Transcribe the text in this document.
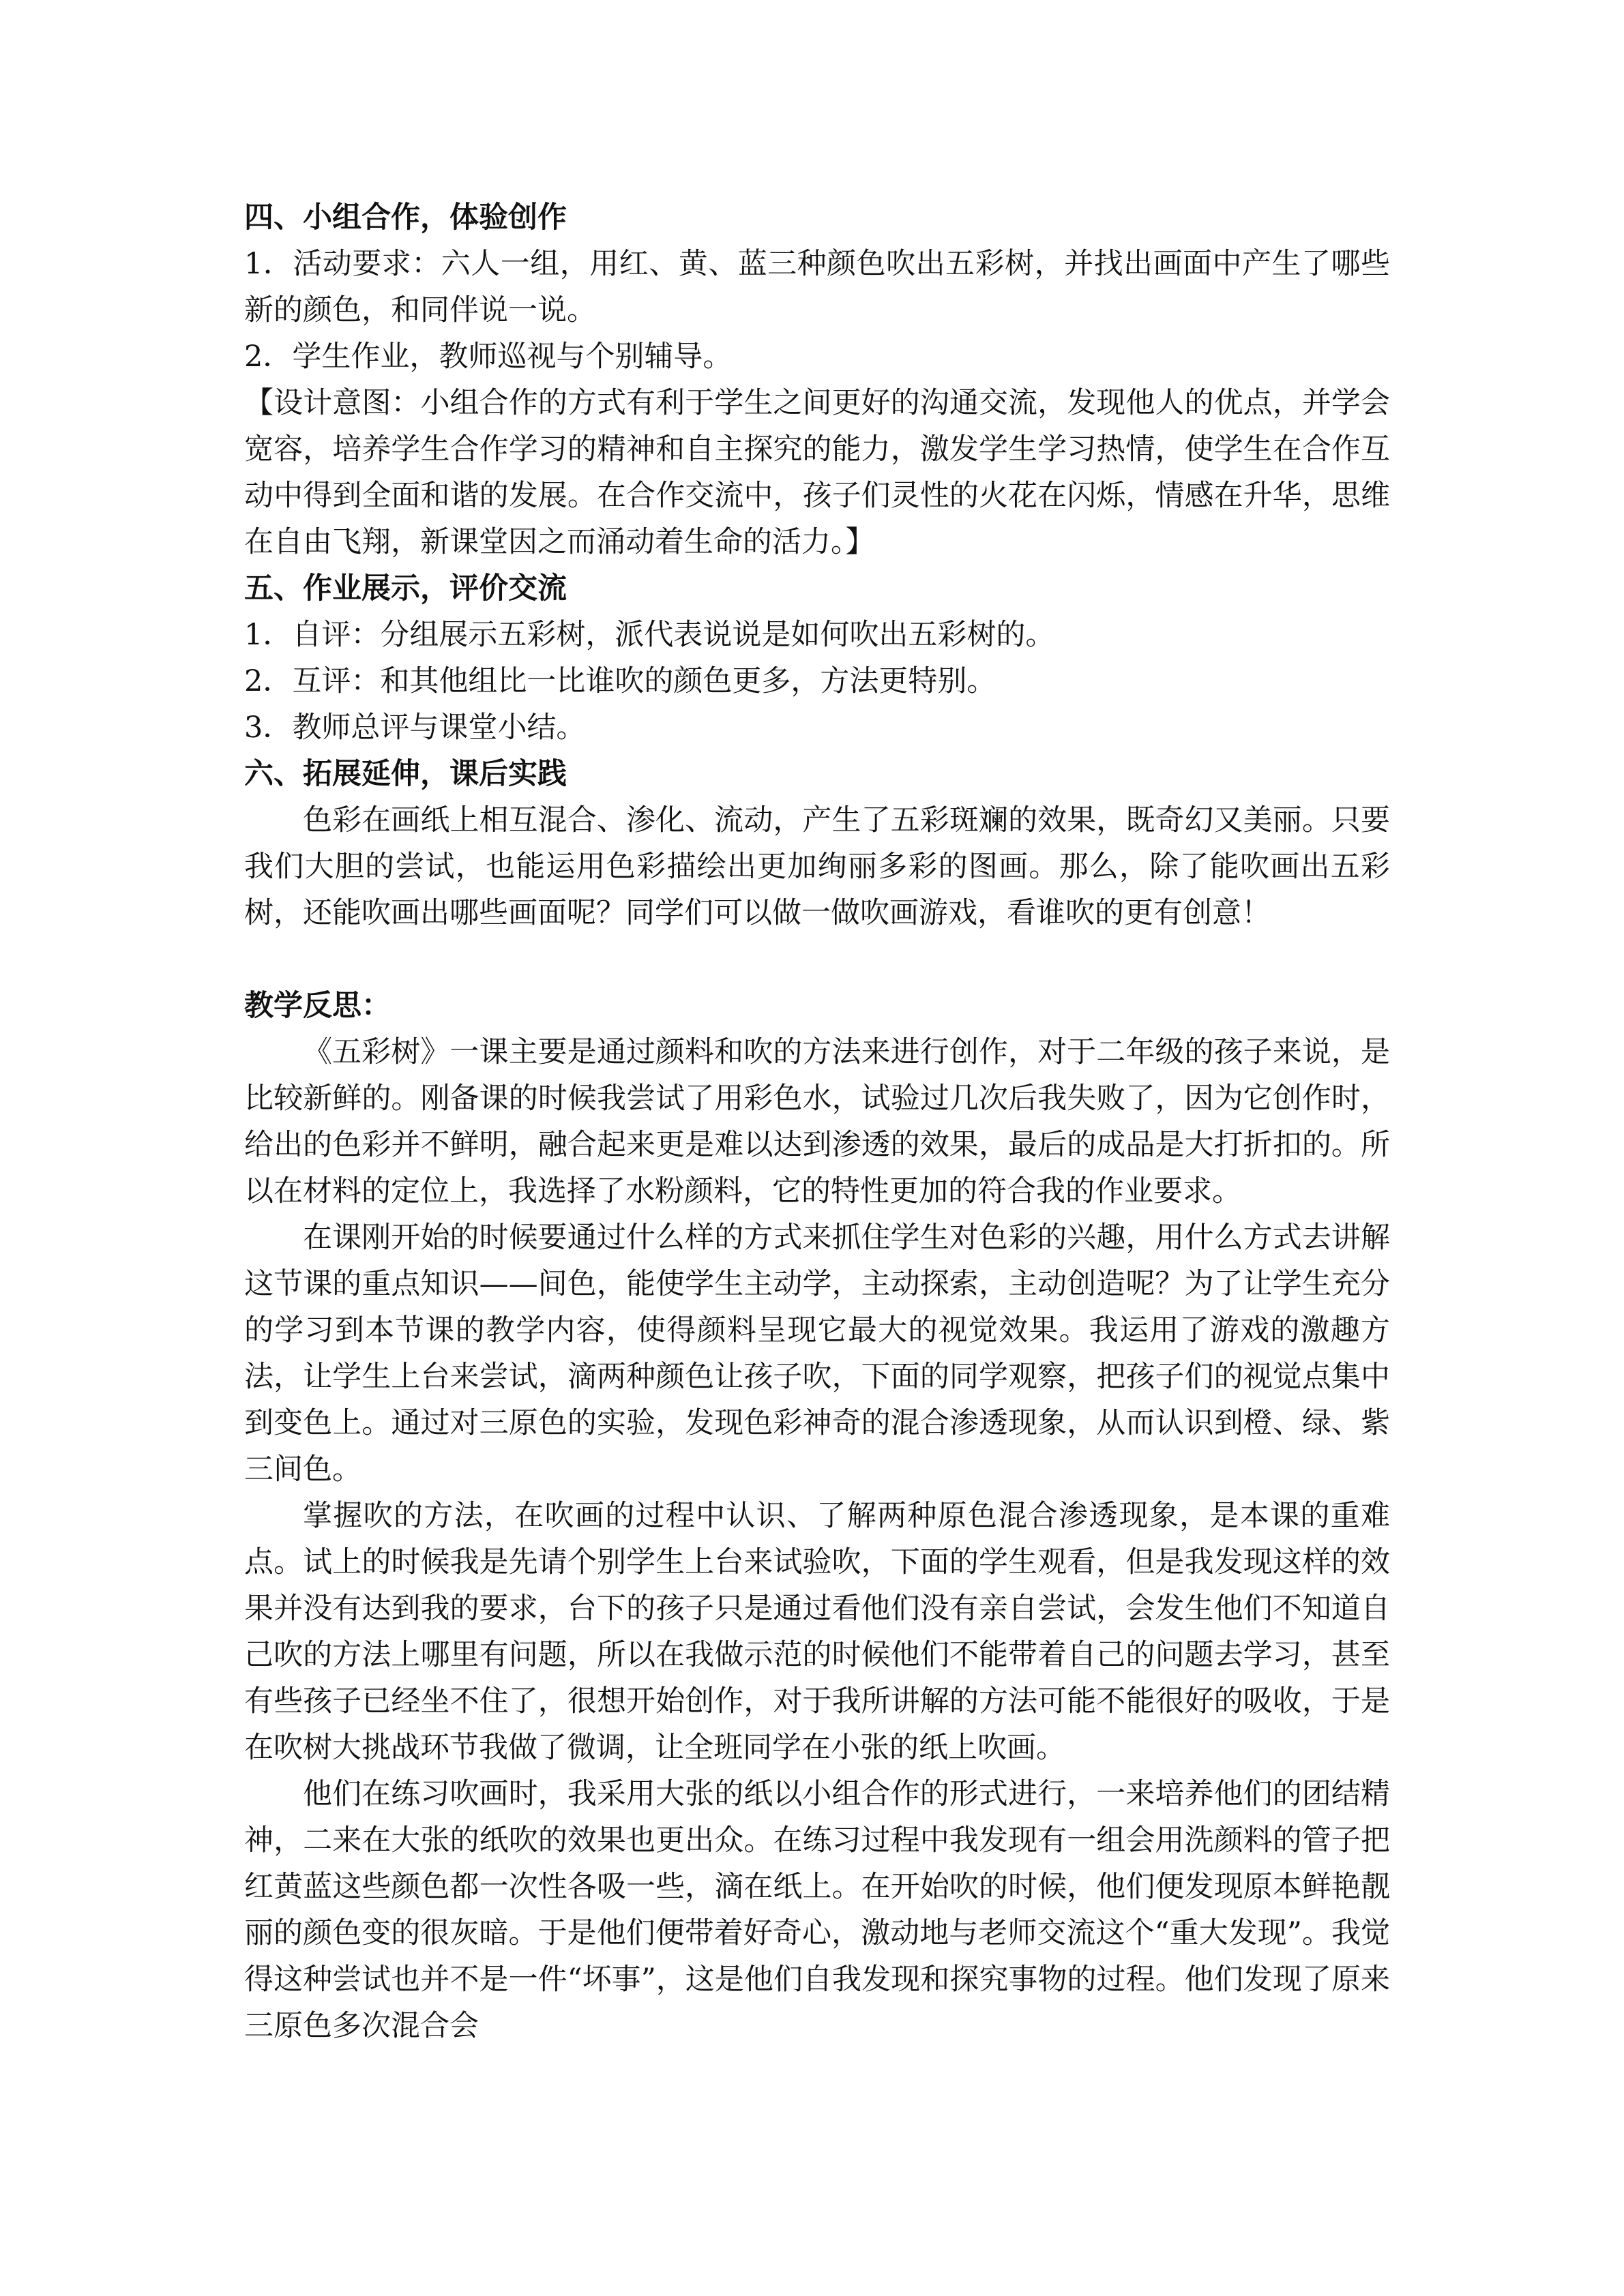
四、小组合作，体验创作

1．活动要求：六人一组，用红、黄、蓝三种颜色吹出五彩树，并找出画面中产生了哪些新的颜色，和同伴说一说。

2．学生作业，教师巡视与个别辅导。

【设计意图：小组合作的方式有利于学生之间更好的沟通交流，发现他人的优点，并学会宽容，培养学生合作学习的精神和自主探究的能力，激发学生学习热情，使学生在合作互动中得到全面和谐的发展。在合作交流中，孩子们灵性的火花在闪烁，情感在升华，思维在自由飞翔，新课堂因之而涌动着生命的活力。】

五、作业展示，评价交流

1．自评：分组展示五彩树，派代表说说是如何吹出五彩树的。

2．互评：和其他组比一比谁吹的颜色更多，方法更特别。

3．教师总评与课堂小结。

六、拓展延伸，课后实践

色彩在画纸上相互混合、渗化、流动，产生了五彩斑斓的效果，既奇幻又美丽。只要我们大胆的尝试，也能运用色彩描绘出更加绚丽多彩的图画。那么，除了能吹画出五彩树，还能吹画出哪些画面呢？同学们可以做一做吹画游戏，看谁吹的更有创意！

教学反思：

《五彩树》一课主要是通过颜料和吹的方法来进行创作，对于二年级的孩子来说，是比较新鲜的。刚备课的时候我尝试了用彩色水，试验过几次后我失败了，因为它创作时，给出的色彩并不鲜明，融合起来更是难以达到渗透的效果，最后的成品是大打折扣的。所以在材料的定位上，我选择了水粉颜料，它的特性更加的符合我的作业要求。

在课刚开始的时候要通过什么样的方式来抓住学生对色彩的兴趣，用什么方式去讲解这节课的重点知识——间色，能使学生主动学，主动探索，主动创造呢？为了让学生充分的学习到本节课的教学内容，使得颜料呈现它最大的视觉效果。我运用了游戏的激趣方法，让学生上台来尝试，滴两种颜色让孩子吹，下面的同学观察，把孩子们的视觉点集中到变色上。通过对三原色的实验，发现色彩神奇的混合渗透现象，从而认识到橙、绿、紫三间色。

掌握吹的方法，在吹画的过程中认识、了解两种原色混合渗透现象，是本课的重难点。试上的时候我是先请个别学生上台来试验吹，下面的学生观看，但是我发现这样的效果并没有达到我的要求，台下的孩子只是通过看他们没有亲自尝试，会发生他们不知道自己吹的方法上哪里有问题，所以在我做示范的时候他们不能带着自己的问题去学习，甚至有些孩子已经坐不住了，很想开始创作，对于我所讲解的方法可能不能很好的吸收，于是在吹树大挑战环节我做了微调，让全班同学在小张的纸上吹画。

他们在练习吹画时，我采用大张的纸以小组合作的形式进行，一来培养他们的团结精神，二来在大张的纸吹的效果也更出众。在练习过程中我发现有一组会用洗颜料的管子把红黄蓝这些颜色都一次性各吸一些，滴在纸上。在开始吹的时候，他们便发现原本鲜艳靓丽的颜色变的很灰暗。于是他们便带着好奇心，激动地与老师交流这个“重大发现”。我觉得这种尝试也并不是一件“坏事”，这是他们自我发现和探究事物的过程。他们发现了原来三原色多次混合会
